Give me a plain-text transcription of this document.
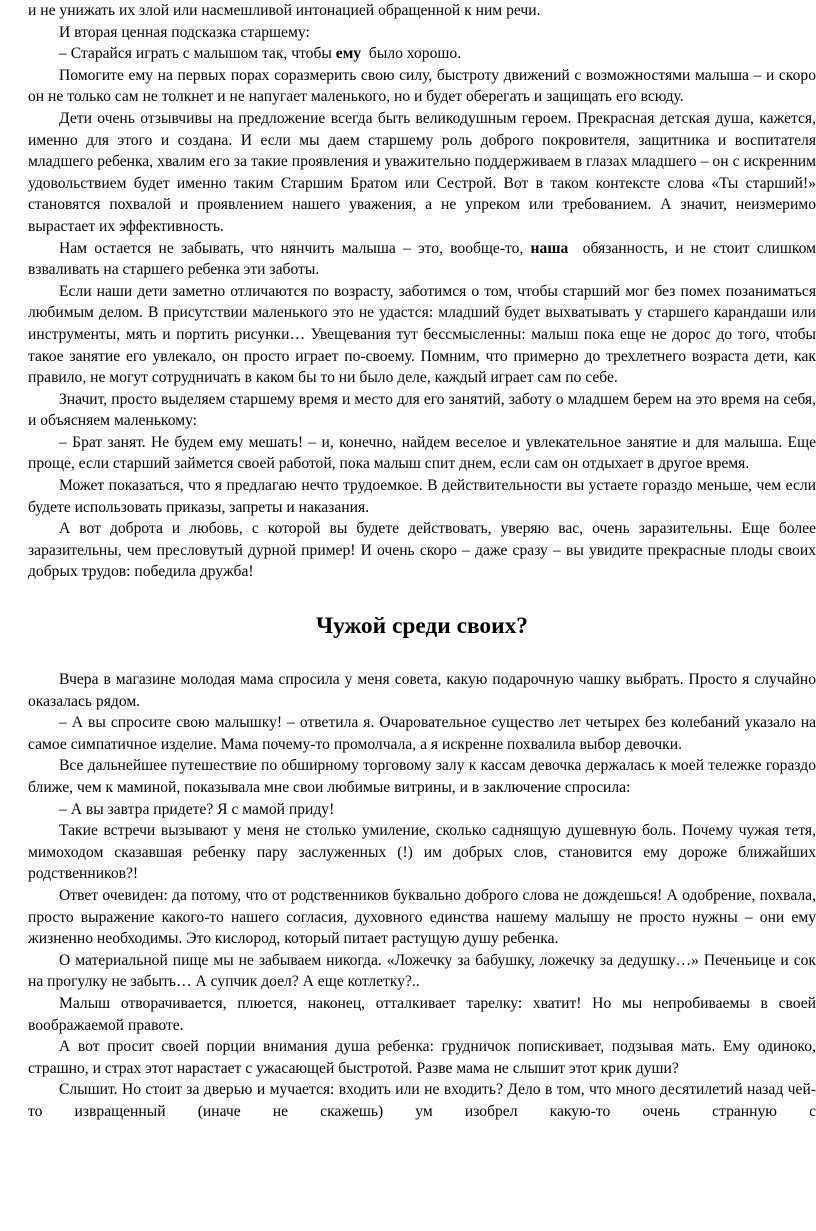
и не унижать их злой или насмешливой интонацией обращенной к ним речи.

И вторая ценная подсказка старшему:

– Старайся играть с малышом так, чтобы ему  было хорошо.

Помогите ему на первых порах соразмерить свою силу, быстроту движений с возможностями малыша – и скоро он не только сам не толкнет и не напугает маленького, но и будет оберегать и защищать его всюду.

Дети очень отзывчивы на предложение всегда быть великодушным героем. Прекрасная детская душа, кажется, именно для этого и создана. И если мы даем старшему роль доброго покровителя, защитника и воспитателя младшего ребенка, хвалим его за такие проявления и уважительно поддерживаем в глазах младшего – он с искренним удовольствием будет именно таким Старшим Братом или Сестрой. Вот в таком контексте слова «Ты старший!» становятся похвалой и проявлением нашего уважения, а не упреком или требованием. А значит, неизмеримо вырастает их эффективность.

Нам остается не забывать, что нянчить малыша – это, вообще-то, наша  обязанность, и не стоит слишком взваливать на старшего ребенка эти заботы.

Если наши дети заметно отличаются по возрасту, заботимся о том, чтобы старший мог без помех позаниматься любимым делом. В присутствии маленького это не удастся: младший будет выхватывать у старшего карандаши или инструменты, мять и портить рисунки… Увещевания тут бессмысленны: малыш пока еще не дорос до того, чтобы такое занятие его увлекало, он просто играет по-своему. Помним, что примерно до трехлетнего возраста дети, как правило, не могут сотрудничать в каком бы то ни было деле, каждый играет сам по себе.

Значит, просто выделяем старшему время и место для его занятий, заботу о младшем берем на это время на себя, и объясняем маленькому:

– Брат занят. Не будем ему мешать! – и, конечно, найдем веселое и увлекательное занятие и для малыша. Еще проще, если старший займется своей работой, пока малыш спит днем, если сам он отдыхает в другое время.

Может показаться, что я предлагаю нечто трудоемкое. В действительности вы устаете гораздо меньше, чем если будете использовать приказы, запреты и наказания.

А вот доброта и любовь, с которой вы будете действовать, уверяю вас, очень заразительны. Еще более заразительны, чем пресловутый дурной пример! И очень скоро – даже сразу – вы увидите прекрасные плоды своих добрых трудов: победила дружба!

Чужой среди своих?

Вчера в магазине молодая мама спросила у меня совета, какую подарочную чашку выбрать. Просто я случайно оказалась рядом.

– А вы спросите свою малышку! – ответила я. Очаровательное существо лет четырех без колебаний указало на самое симпатичное изделие. Мама почему-то промолчала, а я искренне похвалила выбор девочки.

Все дальнейшее путешествие по обширному торговому залу к кассам девочка держалась к моей тележке гораздо ближе, чем к маминой, показывала мне свои любимые витрины, и в заключение спросила:

– А вы завтра придете? Я с мамой приду!

Такие встречи вызывают у меня не столько умиление, сколько саднящую душевную боль. Почему чужая тетя, мимоходом сказавшая ребенку пару заслуженных (!) им добрых слов, становится ему дороже ближайших родственников?!

Ответ очевиден: да потому, что от родственников буквально доброго слова не дождешься! А одобрение, похвала, просто выражение какого-то нашего согласия, духовного единства нашему малышу не просто нужны – они ему жизненно необходимы. Это кислород, который питает растущую душу ребенка.

О материальной пище мы не забываем никогда. «Ложечку за бабушку, ложечку за дедушку…» Печеньице и сок на прогулку не забыть… А супчик доел? А еще котлетку?..

Малыш отворачивается, плюется, наконец, отталкивает тарелку: хватит! Но мы непробиваемы в своей воображаемой правоте.

А вот просит своей порции внимания душа ребенка: грудничок попискивает, подзывая мать. Ему одиноко, страшно, и страх этот нарастает с ужасающей быстротой. Разве мама не слышит этот крик души?

Слышит. Но стоит за дверью и мучается: входить или не входить? Дело в том, что много десятилетий назад чей-то извращенный (иначе не скажешь) ум изобрел какую-то очень странную с
